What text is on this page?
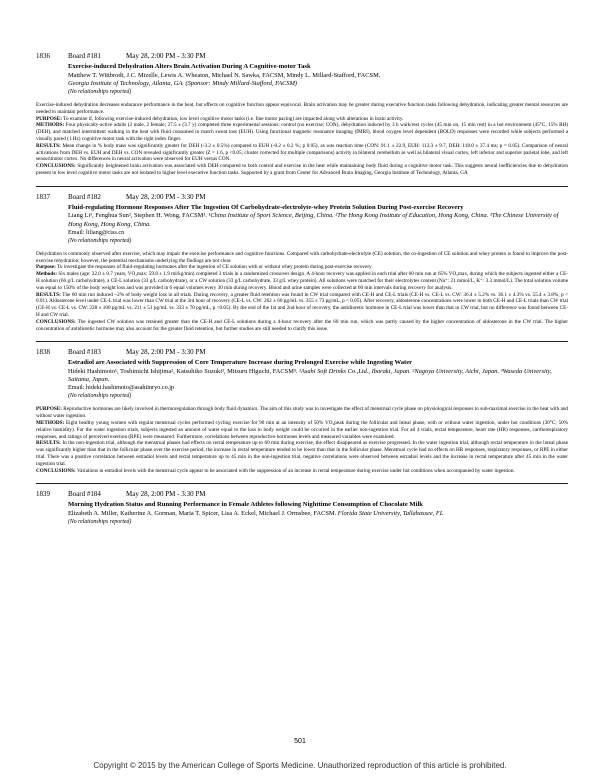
1836	Board #181	May 28, 2:00 PM - 3:30 PM
Exercise-induced Dehydration Alters Brain Activation During A Cognitive-motor Task
Matthew T. Wittbrodt, J.C. Mizelle, Lewis A. Wheaton, Michael N. Sawka, FACSM, Mindy L. Millard-Stafford, FACSM.
Georgia Institute of Technology, Atlanta, GA. (Sponsor: Mindy Millard-Stafford, FACSM)
(No relationships reported)

Exercise-induced dehydration decreases endurance performance in the heat, but effects on cognitive function appear equivocal. Brain activation may be greater during executive function tasks following dehydration, indicating greater mental resources are needed to maintain performance.

PURPOSE: To examine if, following exercise-induced dehydration, low level cognitive motor tasks (i.e. fine motor pacing) are impacted along with alterations in brain activity.

METHODS: Four physically-active adults (2 male, 2 female; 27.5 ± (3.7 y) completed three experimental sessions: control (no exercise; CON), dehydration induced by 3 h walk/rest cycles (45 min on, 15 min rest) in a hot environment (45°C, 15% RH) (DEH), and matched intermittent walking in the heat with fluid consumed to match sweat loss (EUH). Using functional magnetic resonance imaging (fMRI), blood oxygen level dependent (BOLD) responses were recorded while subjects performed a visually paced (1 Hz) cognitive motor task with the right index finger.

RESULTS: Mean change in % body mass was significantly greater for DEH (-3.2 ± 0.5%) compared to EUH (-0.2 ± 0.2 %; p 0.05), as was reaction time (CON: 91.1 ± 22.9, EUH: 113.3 ± 9.7, DEH: 118.0 ± 37.4 ms; p = 0.05). Comparison of neural activations from DEH vs. EUH and DEH vs. CON revealed significantly greater (Z = 1.6, p <0.05; cluster corrected for multiple comparisons) activity in bilateral cerebellum as well as bilateral visual cortex, left inferior and superior parietal lobe, and left sensorimotor cortex. No differences in neural activation were observed for EUH versus CON.

CONCLUSIONS: Significantly heightened brain activation was associated with DEH compared to both control and exercise in the heat while maintaining body fluid during a cognitive motor task. This suggests neural inefficiencies due to dehydration present in low level cognitive motor tasks are not isolated to higher level executive function tasks. Supported by a grant from Center for Advanced Brain Imaging, Georgia Institute of Technology, Atlanta, GA

1837	Board #182	May 28, 2:00 PM - 3:30 PM
Fluid-regulating Hormone Responses After The Ingestion Of Carbohydrate-electrolyte-whey Protein Solution During Post-exercise Recovery
Liang Li¹, Fenghua Sun², Stephen H. Wong, FACSM³. ¹China Institute of Sport Science, Beijing, China. ²The Hong Kong Institute of Education, Hong Kong, China. ³The Chinese University of Hong Kong, Hong Kong, China.
Email: liliang@ciss.cn
(No relationships reported)

Dehydration is commonly observed after exercise, which may impair the exercise performance and cognitive functions. Compared with carbohydrate-electrolyte (CE) solution, the co-ingestion of CE solution and whey protein is found to improve the post-exercise rehydration; however, the potential mechanisms underlying the findings are not clear.

Purpose: To investigate the responses of fluid-regulating hormones after the ingestion of CE solution with or without whey protein during post-exercise recovery.

Methods: Six males (age: 22.0 ± 0.7 years, VO₂max: 59.8 ± 1.9 ml/kg/min) completed 3 trials in a randomized crossover design. A 4-hour recovery was applied in each trial after 60 min run at 65% VO₂max, during which the subjects ingested either a CE-H solution (66 g/L carbohydrate), a CE-L solution (33 g/L carbohydrate), or a CW solution (33 g/L carbohydrate, 33 g/L whey protein). All solutions were matched for their electrolytes content (Na⁺: 21 mmol/L, K⁺: 3.3 mmol/L). The total solution volume was equal to 150% of the body weight loss and was provided in 6 equal volumes every 30 min during recovery. Blood and urine samples were collected at 60 min intervals during recovery for analysis.

RESULTS: The 60 min run induced ~2% of body weight loss in all trials. During recovery, a greater fluid retention was found in CW trial compared with CE-H and CE-L trials (CE-H vs. CE-L vs. CW: 36.4 ± 5.2% vs. 36.1 ± 4.3% vs. 55.4 ± 3.8%, p < 0.01). Aldosterone level under CE-L trial was lower than CW trial at the 3rd hour of recovery (CE-L vs. CW: 262 ± 60 pg/mL vs. 355 ± 73 pg/mL, p < 0.05). After recovery, aldosterone concentrations were lower in both CE-H and CE-L trials than CW trial (CE-H vs. CE-L vs. CW: 228 ± 100 pg/mL vs. 211 ± 51 pg/mL vs. 333 ± 70 pg/mL, p <0.05). By the end of the 1st and 2nd hour of recovery, the antidiuretic hormone in CE-L trial was lower than that in CW trial, but no difference was found between CE-H and CW trial.

CONCLUSIONS: The ingested CW solution was retained greater than the CE-H and CE-L solutions during a 4-hour recovery after the 60 min run, which was partly caused by the higher concentration of aldosterone in the CW trial. The higher concentration of antidiuretic hormone may also account for the greater fluid retention, but further studies are still needed to clarify this issue.

1838	Board #183	May 28, 2:00 PM - 3:30 PM
Estradiol are Associated with Suppression of Core Temperature Increase during Prolonged Exercise while Ingesting Water
Hideki Hashimoto¹, Toshimichi Ishijima², Katsuhiko Suzuki³, Mitsuru Higuchi, FACSM³. ¹Asahi Soft Drinks Co.,Ltd., Ibaraki, Japan. ²Nagoya University, Aichi, Japan. ³Waseda University, Saitama, Japan.
Email: hideki.hashimoto@asahiinryo.co.jp
(No relationships reported)

PURPOSE: Reproductive hormones are likely involved in thermoregulation through body fluid dynamics. The aim of this study was to investigate the effect of menstrual cycle phase on physiological responses to sub-maximal exercise in the heat with and without water ingestion.

METHODS: Eight healthy young women with regular menstrual cycles performed cycling exercise for 90 min at an intensity of 50% VO₂peak during the follicular and luteal phase, with or without water ingestion, under hot conditions (30°C; 50% relative humidity). For the water ingestion trials, subjects ingested an amount of water equal to the loss in body weight could be occurred in the earlier non-ingestion trial. For all 4 trials, rectal temperature, heart rate (HR) responses, cardiorespiratory responses, and ratings of perceived exertion (RPE) were measured. Furthermore, correlations between reproductive hormones levels and measured variables were examined.

RESULTS: In the non-ingestion trial, although the menstrual phases had effects on rectal temperature up to 60 min during exercise, the effect disappeared as exercise progressed. In the water ingestion trial, although rectal temperature in the luteal phase was significantly higher than that in the follicular phase over the exercise period, the increase in rectal temperature tended to be lower than that in the follicular phase. Menstrual cycle had no effects on HR responses, respiratory responses, or RPE in either trial. There was a positive correlation between estradiol levels and rectal temperature up to 45 min in the non-ingestion trial, negative correlations were observed between estradiol levels and the increase in rectal temperature after 45 min in the water ingestion trial.

CONCLUSIONS: Variations in estradiol levels with the menstrual cycle appear to be associated with the suppression of an increase in rectal temperature during exercise under hot conditions when accompanied by water ingestion.

1839	Board #184	May 28, 2:00 PM - 3:30 PM
Morning Hydration Status and Running Performance in Female Athletes following Nighttime Consumption of Chocolate Milk
Elizabeth A. Miller, Katherine A. Gorman, Maria T. Spicer, Lisa A. Eckel, Michael J. Ormsbee, FACSM. Florida State University, Tallahassee, FL
(No relationships reported)
501
Copyright © 2015 by the American College of Sports Medicine. Unauthorized reproduction of this article is prohibited.
